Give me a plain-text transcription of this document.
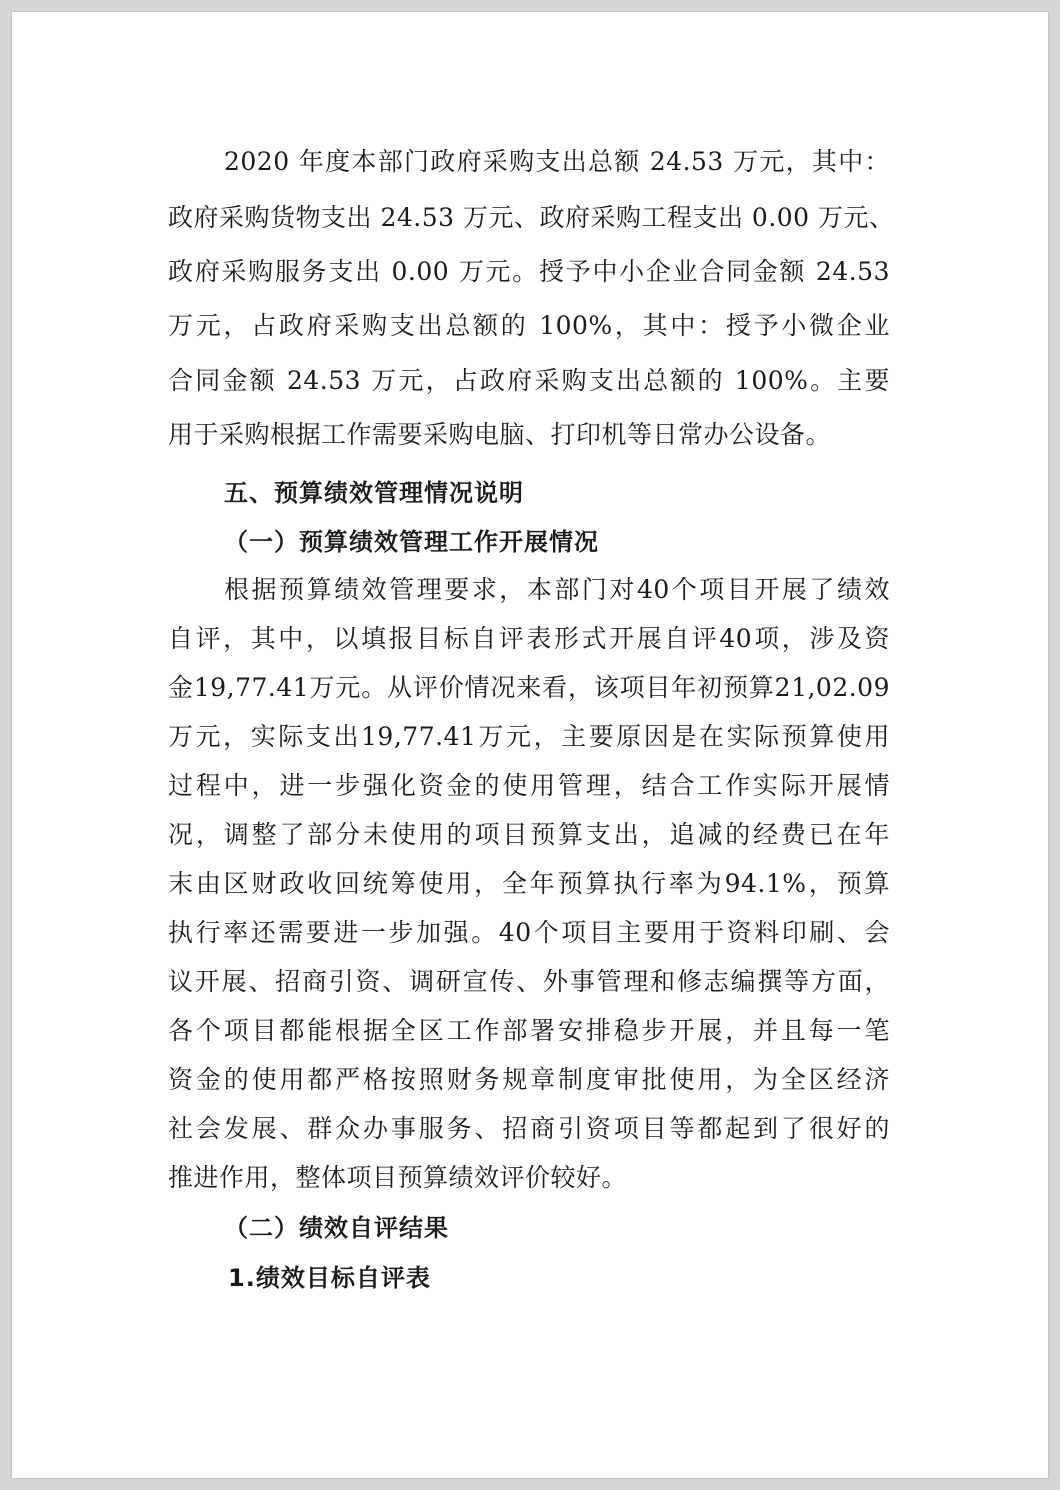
2020 年度本部门政府采购支出总额 24.53 万元，其中：
政府采购货物支出 24.53 万元、政府采购工程支出 0.00 万元、
政府采购服务支出 0.00 万元。授予中小企业合同金额 24.53
万元，占政府采购支出总额的 100%，其中：授予小微企业
合同金额 24.53 万元，占政府采购支出总额的 100%。主要
用于采购根据工作需要采购电脑、打印机等日常办公设备。
五、预算绩效管理情况说明
（一）预算绩效管理工作开展情况
根据预算绩效管理要求，本部门对40个项目开展了绩效
自评，其中，以填报目标自评表形式开展自评40项，涉及资
金19,77.41万元。从评价情况来看，该项目年初预算21,02.09
万元，实际支出19,77.41万元，主要原因是在实际预算使用
过程中，进一步强化资金的使用管理，结合工作实际开展情
况，调整了部分未使用的项目预算支出，追减的经费已在年
末由区财政收回统筹使用，全年预算执行率为94.1%，预算
执行率还需要进一步加强。40个项目主要用于资料印刷、会
议开展、招商引资、调研宣传、外事管理和修志编撰等方面，
各个项目都能根据全区工作部署安排稳步开展，并且每一笔
资金的使用都严格按照财务规章制度审批使用，为全区经济
社会发展、群众办事服务、招商引资项目等都起到了很好的
推进作用，整体项目预算绩效评价较好。
（二）绩效自评结果
1.绩效目标自评表
